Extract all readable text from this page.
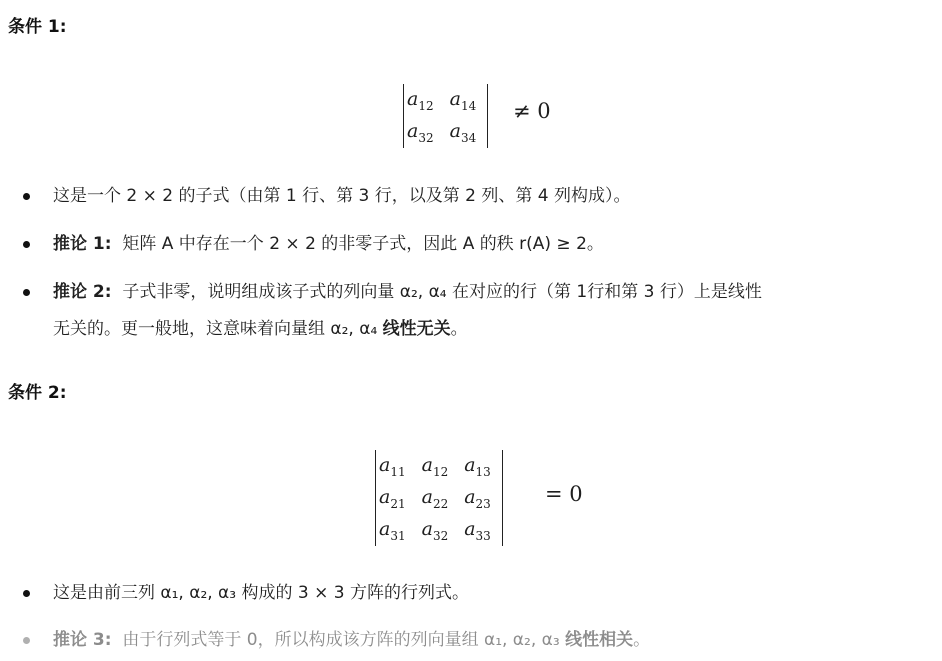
条件 1:
$a_{12}$	$a_{14}$
$a_{32}$	$a_{34}$
≠ 0
这是一个 2 × 2 的子式（由第 1 行、第 3 行，以及第 2 列、第 4 列构成）。
推论 1: 矩阵 A 中存在一个 2 × 2 的非零子式，因此 A 的秩 r(A) ≥ 2。
推论 2: 子式非零，说明组成该子式的列向量 α₂, α₄ 在对应的行（第 1行和第 3 行）上是线性
无关的。更一般地，这意味着向量组 α₂, α₄ 线性无关。
条件 2:
$a_{11}$	$a_{12}$	$a_{13}$
$a_{21}$	$a_{22}$	$a_{23}$
$a_{31}$	$a_{32}$	$a_{33}$
= 0
这是由前三列 α₁, α₂, α₃ 构成的 3 × 3 方阵的行列式。
推论 3: 由于行列式等于 0，所以构成该方阵的列向量组 α₁, α₂, α₃ 线性相关。
